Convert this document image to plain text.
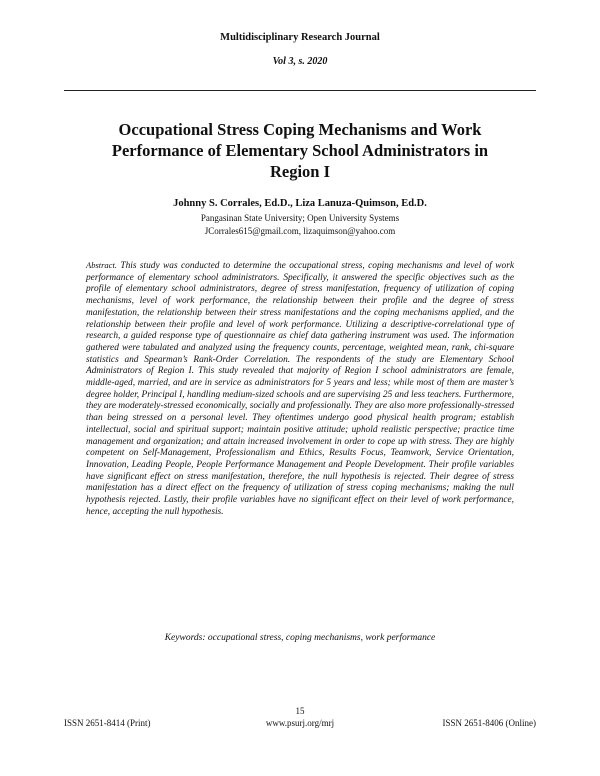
Multidisciplinary Research Journal
Vol 3, s. 2020
Occupational Stress Coping Mechanisms and Work Performance of Elementary School Administrators in Region I
Johnny S. Corrales, Ed.D., Liza Lanuza-Quimson, Ed.D.
Pangasinan State University; Open University Systems
JCorrales615@gmail.com, lizaquimson@yahoo.com

Abstract. This study was conducted to determine the occupational stress, coping mechanisms and level of work performance of elementary school administrators. Specifically, it answered the specific objectives such as the profile of elementary school administrators, degree of stress manifestation, frequency of utilization of coping mechanisms, level of work performance, the relationship between their profile and the degree of stress manifestation, the relationship between their stress manifestations and the coping mechanisms applied, and the relationship between their profile and level of work performance. Utilizing a descriptive-correlational type of research, a guided response type of questionnaire as chief data gathering instrument was used. The information gathered were tabulated and analyzed using the frequency counts, percentage, weighted mean, rank, chi-square statistics and Spearman’s Rank-Order Correlation. The respondents of the study are Elementary School Administrators of Region I. This study revealed that majority of Region I school administrators are female, middle-aged, married, and are in service as administrators for 5 years and less; while most of them are master’s degree holder, Principal I, handling medium-sized schools and are supervising 25 and less teachers. Furthermore, they are moderately-stressed economically, socially and professionally. They are also more professionally-stressed than being stressed on a personal level. They oftentimes undergo good physical health program; establish intellectual, social and spiritual support; maintain positive attitude; uphold realistic perspective; practice time management and organization; and attain increased involvement in order to cope up with stress. They are highly competent on Self-Management, Professionalism and Ethics, Results Focus, Teamwork, Service Orientation, Innovation, Leading People, People Performance Management and People Development. Their profile variables have significant effect on stress manifestation, therefore, the null hypothesis is rejected. Their degree of stress manifestation has a direct effect on the frequency of utilization of stress coping mechanisms; making the null hypothesis rejected. Lastly, their profile variables have no significant effect on their level of work performance, hence, accepting the null hypothesis.

Keywords: occupational stress, coping mechanisms, work performance
15
ISSN 2651-8414 (Print)	www.psurj.org/mrj	ISSN 2651-8406 (Online)
